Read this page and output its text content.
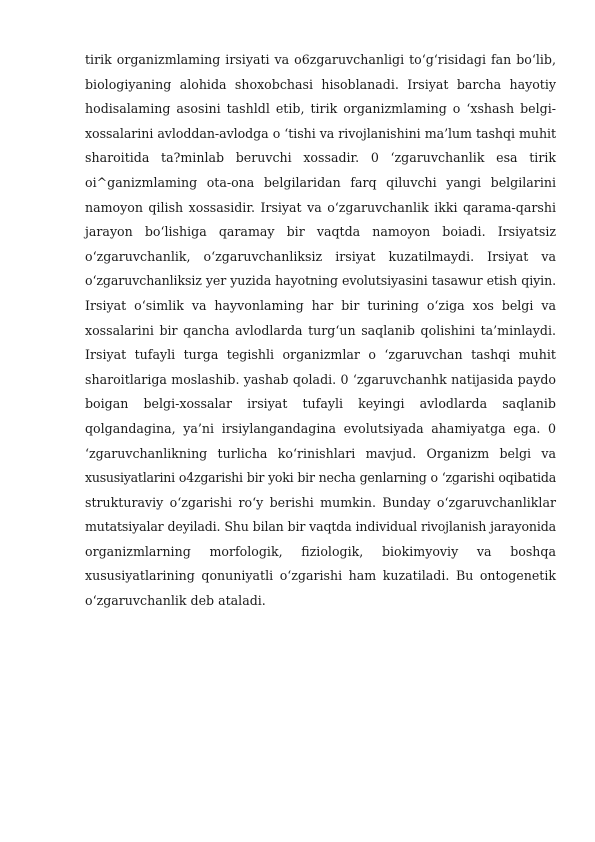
tirik organizmlaming irsiyati va o6zgaruvchanligi to‘g‘risidagi fan bo‘lib,
biologiyaning alohida shoxobchasi hisoblanadi. Irsiyat barcha hayotiy
hodisalaming asosini tashldl etib, tirik organizmlaming o ‘xshash belgi-
xossalarini avloddan-avlodga o ‘tishi va rivojlanishini ma’lum tashqi muhit
sharoitida ta?minlab beruvchi xossadir. 0 ‘zgaruvchanlik esa tirik
oi^ganizmlaming ota-ona belgilaridan farq qiluvchi yangi belgilarini
namoyon qilish xossasidir. Irsiyat va o‘zgaruvchanlik ikki qarama-qarshi
jarayon bo‘lishiga qaramay bir vaqtda namoyon boiadi. Irsiyatsiz
o‘zgaruvchanlik, o‘zgaruvchanliksiz irsiyat kuzatilmaydi. Irsiyat va
o‘zgaruvchanliksiz yer yuzida hayotning evolutsiyasini tasawur etish qiyin.
Irsiyat o‘simlik va hayvonlaming har bir turining o‘ziga xos belgi va
xossalarini bir qancha avlodlarda turg‘un saqlanib qolishini ta’minlaydi.
Irsiyat tufayli turga tegishli organizmlar o ‘zgaruvchan tashqi muhit
sharoitlariga moslashib. yashab qoladi. 0 ‘zgaruvchanhk natijasida paydo
boigan belgi-xossalar irsiyat tufayli keyingi avlodlarda saqlanib
qolgandagina, ya’ni irsiylangandagina evolutsiyada ahamiyatga ega. 0
‘zgaruvchanlikning turlicha ko‘rinishlari mavjud. Organizm belgi va
xususiyatlarini o4zgarishi bir yoki bir necha genlarning o ‘zgarishi oqibatida
strukturaviy o‘zgarishi ro‘y berishi mumkin. Bunday o‘zgaruvchanliklar
mutatsiyalar deyiladi. Shu bilan bir vaqtda individual rivojlanish jarayonida
organizmlarning morfologik, fiziologik, biokimyoviy va boshqa
xususiyatlarining qonuniyatli o‘zgarishi ham kuzatiladi. Bu ontogenetik
o‘zgaruvchanlik deb ataladi.
